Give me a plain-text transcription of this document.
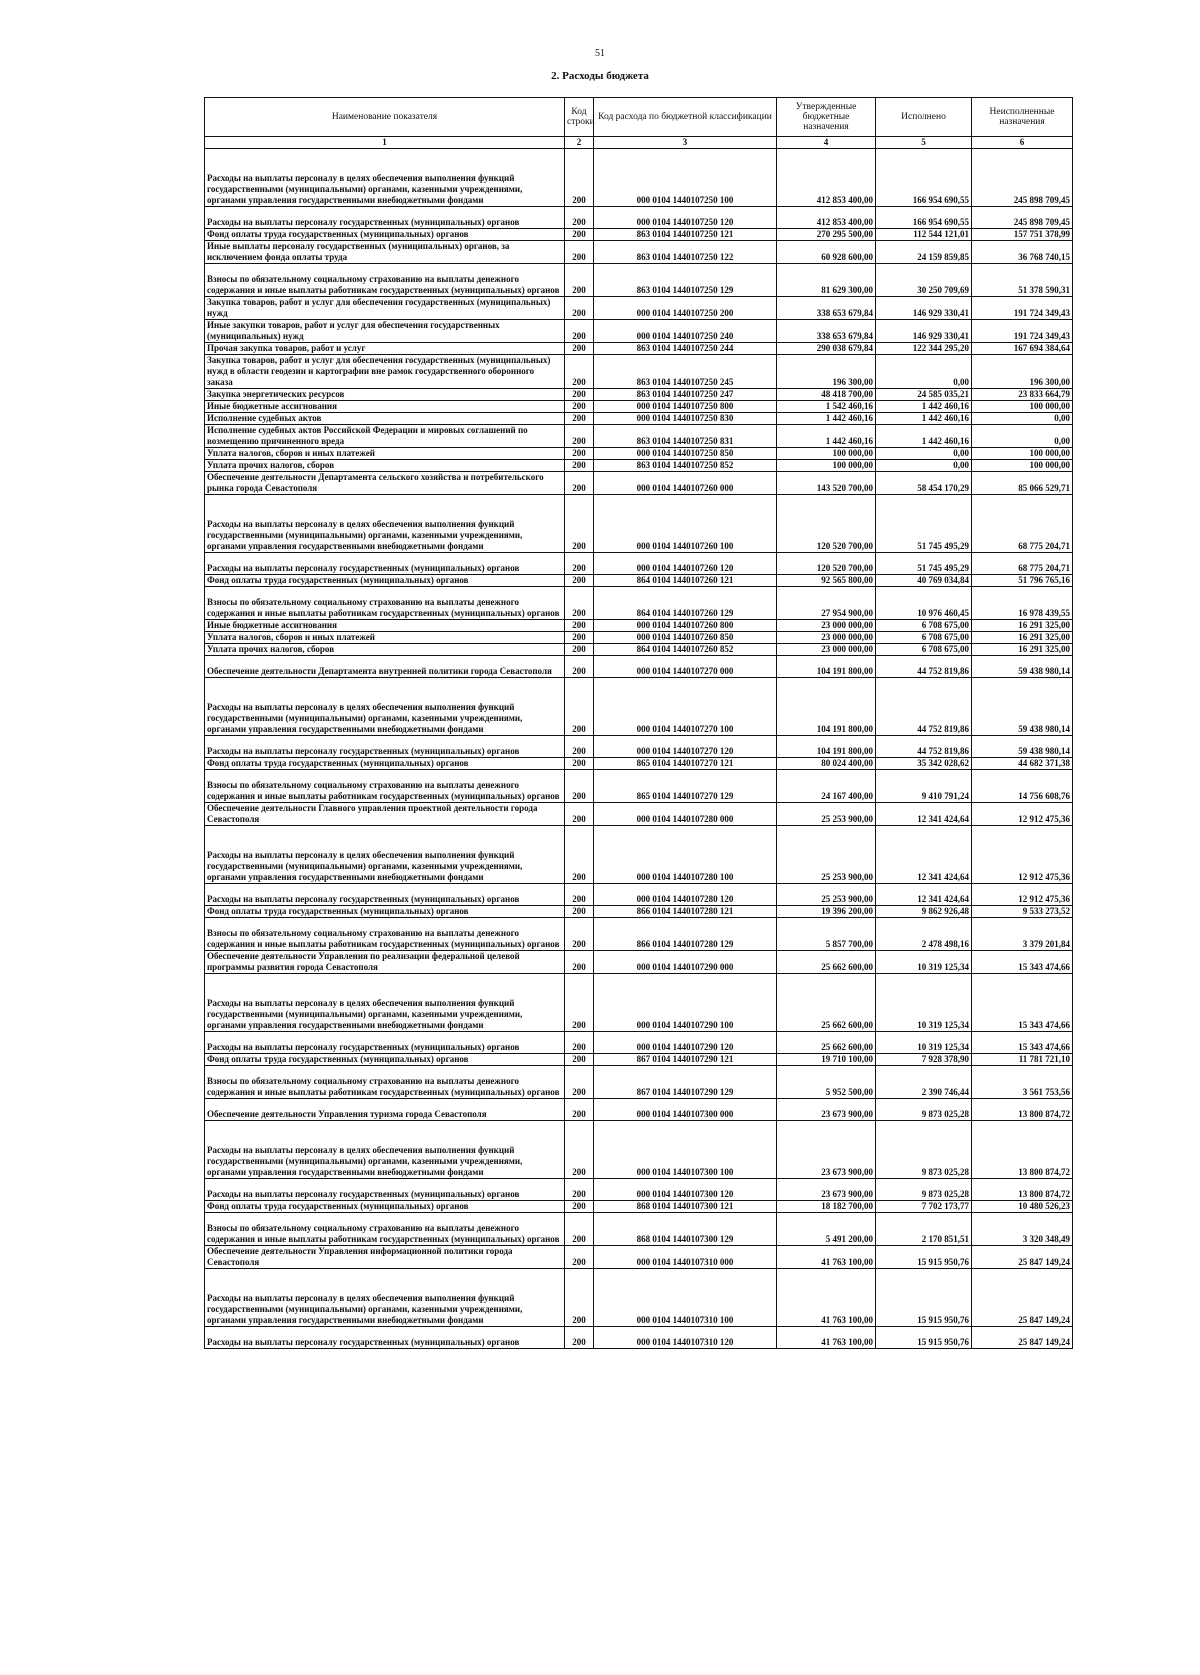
51
2. Расходы бюджета
Наименование показателя	Код строки	Код расхода по бюджетной классификации	Утвержденные бюджетные назначения	Исполнено	Неисполненные назначения
1	2	3	4	5	6
Расходы на выплаты персоналу в целях обеспечения выполнения функций государственными (муниципальными) органами, казенными учреждениями, органами управления государственными внебюджетными фондами	200	000 0104 1440107250 100	412 853 400,00	166 954 690,55	245 898 709,45
Расходы на выплаты персоналу государственных (муниципальных) органов	200	000 0104 1440107250 120	412 853 400,00	166 954 690,55	245 898 709,45
Фонд оплаты труда государственных (муниципальных) органов	200	863 0104 1440107250 121	270 295 500,00	112 544 121,01	157 751 378,99
Иные выплаты персоналу государственных (муниципальных) органов, за исключением фонда оплаты труда	200	863 0104 1440107250 122	60 928 600,00	24 159 859,85	36 768 740,15
Взносы по обязательному социальному страхованию на выплаты денежного содержания и иные выплаты работникам государственных (муниципальных) органов	200	863 0104 1440107250 129	81 629 300,00	30 250 709,69	51 378 590,31
Закупка товаров, работ и услуг для обеспечения государственных (муниципальных) нужд	200	000 0104 1440107250 200	338 653 679,84	146 929 330,41	191 724 349,43
Иные закупки товаров, работ и услуг для обеспечения государственных (муниципальных) нужд	200	000 0104 1440107250 240	338 653 679,84	146 929 330,41	191 724 349,43
Прочая закупка товаров, работ и услуг	200	863 0104 1440107250 244	290 038 679,84	122 344 295,20	167 694 384,64
Закупка товаров, работ и услуг для обеспечения государственных (муниципальных) нужд в области геодезии и картографии вне рамок государственного оборонного заказа	200	863 0104 1440107250 245	196 300,00	0,00	196 300,00
Закупка энергетических ресурсов	200	863 0104 1440107250 247	48 418 700,00	24 585 035,21	23 833 664,79
Иные бюджетные ассигнования	200	000 0104 1440107250 800	1 542 460,16	1 442 460,16	100 000,00
Исполнение судебных актов	200	000 0104 1440107250 830	1 442 460,16	1 442 460,16	0,00
Исполнение судебных актов Российской Федерации и мировых соглашений по возмещению причиненного вреда	200	863 0104 1440107250 831	1 442 460,16	1 442 460,16	0,00
Уплата налогов, сборов и иных платежей	200	000 0104 1440107250 850	100 000,00	0,00	100 000,00
Уплата прочих налогов, сборов	200	863 0104 1440107250 852	100 000,00	0,00	100 000,00
Обеспечение деятельности Департамента сельского хозяйства и потребительского рынка города Севастополя	200	000 0104 1440107260 000	143 520 700,00	58 454 170,29	85 066 529,71
Расходы на выплаты персоналу в целях обеспечения выполнения функций государственными (муниципальными) органами, казенными учреждениями, органами управления государственными внебюджетными фондами	200	000 0104 1440107260 100	120 520 700,00	51 745 495,29	68 775 204,71
Расходы на выплаты персоналу государственных (муниципальных) органов	200	000 0104 1440107260 120	120 520 700,00	51 745 495,29	68 775 204,71
Фонд оплаты труда государственных (муниципальных) органов	200	864 0104 1440107260 121	92 565 800,00	40 769 034,84	51 796 765,16
Взносы по обязательному социальному страхованию на выплаты денежного содержания и иные выплаты работникам государственных (муниципальных) органов	200	864 0104 1440107260 129	27 954 900,00	10 976 460,45	16 978 439,55
Иные бюджетные ассигнования	200	000 0104 1440107260 800	23 000 000,00	6 708 675,00	16 291 325,00
Уплата налогов, сборов и иных платежей	200	000 0104 1440107260 850	23 000 000,00	6 708 675,00	16 291 325,00
Уплата прочих налогов, сборов	200	864 0104 1440107260 852	23 000 000,00	6 708 675,00	16 291 325,00
Обеспечение деятельности Департамента внутренней политики города Севастополя	200	000 0104 1440107270 000	104 191 800,00	44 752 819,86	59 438 980,14
Расходы на выплаты персоналу в целях обеспечения выполнения функций государственными (муниципальными) органами, казенными учреждениями, органами управления государственными внебюджетными фондами	200	000 0104 1440107270 100	104 191 800,00	44 752 819,86	59 438 980,14
Расходы на выплаты персоналу государственных (муниципальных) органов	200	000 0104 1440107270 120	104 191 800,00	44 752 819,86	59 438 980,14
Фонд оплаты труда государственных (муниципальных) органов	200	865 0104 1440107270 121	80 024 400,00	35 342 028,62	44 682 371,38
Взносы по обязательному социальному страхованию на выплаты денежного содержания и иные выплаты работникам государственных (муниципальных) органов	200	865 0104 1440107270 129	24 167 400,00	9 410 791,24	14 756 608,76
Обеспечение деятельности Главного управления проектной деятельности города Севастополя	200	000 0104 1440107280 000	25 253 900,00	12 341 424,64	12 912 475,36
Расходы на выплаты персоналу в целях обеспечения выполнения функций государственными (муниципальными) органами, казенными учреждениями, органами управления государственными внебюджетными фондами	200	000 0104 1440107280 100	25 253 900,00	12 341 424,64	12 912 475,36
Расходы на выплаты персоналу государственных (муниципальных) органов	200	000 0104 1440107280 120	25 253 900,00	12 341 424,64	12 912 475,36
Фонд оплаты труда государственных (муниципальных) органов	200	866 0104 1440107280 121	19 396 200,00	9 862 926,48	9 533 273,52
Взносы по обязательному социальному страхованию на выплаты денежного содержания и иные выплаты работникам государственных (муниципальных) органов	200	866 0104 1440107280 129	5 857 700,00	2 478 498,16	3 379 201,84
Обеспечение деятельности Управления по реализации федеральной целевой программы развития города Севастополя	200	000 0104 1440107290 000	25 662 600,00	10 319 125,34	15 343 474,66
Расходы на выплаты персоналу в целях обеспечения выполнения функций государственными (муниципальными) органами, казенными учреждениями, органами управления государственными внебюджетными фондами	200	000 0104 1440107290 100	25 662 600,00	10 319 125,34	15 343 474,66
Расходы на выплаты персоналу государственных (муниципальных) органов	200	000 0104 1440107290 120	25 662 600,00	10 319 125,34	15 343 474,66
Фонд оплаты труда государственных (муниципальных) органов	200	867 0104 1440107290 121	19 710 100,00	7 928 378,90	11 781 721,10
Взносы по обязательному социальному страхованию на выплаты денежного содержания и иные выплаты работникам государственных (муниципальных) органов	200	867 0104 1440107290 129	5 952 500,00	2 390 746,44	3 561 753,56
Обеспечение деятельности Управления туризма города Севастополя	200	000 0104 1440107300 000	23 673 900,00	9 873 025,28	13 800 874,72
Расходы на выплаты персоналу в целях обеспечения выполнения функций государственными (муниципальными) органами, казенными учреждениями, органами управления государственными внебюджетными фондами	200	000 0104 1440107300 100	23 673 900,00	9 873 025,28	13 800 874,72
Расходы на выплаты персоналу государственных (муниципальных) органов	200	000 0104 1440107300 120	23 673 900,00	9 873 025,28	13 800 874,72
Фонд оплаты труда государственных (муниципальных) органов	200	868 0104 1440107300 121	18 182 700,00	7 702 173,77	10 480 526,23
Взносы по обязательному социальному страхованию на выплаты денежного содержания и иные выплаты работникам государственных (муниципальных) органов	200	868 0104 1440107300 129	5 491 200,00	2 170 851,51	3 320 348,49
Обеспечение деятельности Управления информационной политики города Севастополя	200	000 0104 1440107310 000	41 763 100,00	15 915 950,76	25 847 149,24
Расходы на выплаты персоналу в целях обеспечения выполнения функций государственными (муниципальными) органами, казенными учреждениями, органами управления государственными внебюджетными фондами	200	000 0104 1440107310 100	41 763 100,00	15 915 950,76	25 847 149,24
Расходы на выплаты персоналу государственных (муниципальных) органов	200	000 0104 1440107310 120	41 763 100,00	15 915 950,76	25 847 149,24
